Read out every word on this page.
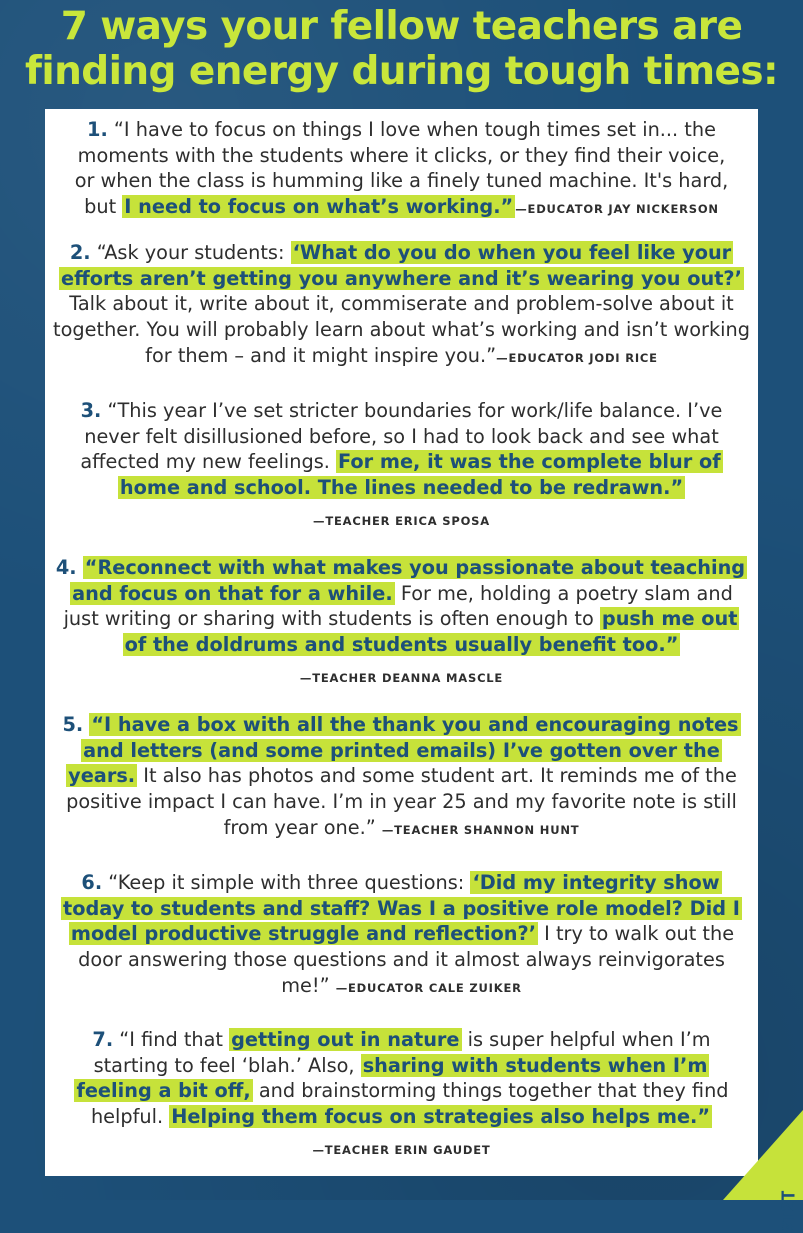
7 ways your fellow teachers are
finding energy during tough times:
1. “I have to focus on things I love when tough times set in... the moments with the students where it clicks, or they find their voice, or when the class is humming like a finely tuned machine. It's hard, but I need to focus on what’s working.” —EDUCATOR JAY NICKERSON
2. “Ask your students: ‘What do you do when you feel like your efforts aren’t getting you anywhere and it’s wearing you out?’ Talk about it, write about it, commiserate and problem-solve about it together. You will probably learn about what’s working and isn’t working for them – and it might inspire you.”—EDUCATOR JODI RICE
3. “This year I’ve set stricter boundaries for work/life balance. I’ve never felt disillusioned before, so I had to look back and see what affected my new feelings. For me, it was the complete blur of home and school. The lines needed to be redrawn.”
—TEACHER ERICA SPOSA
4. “Reconnect with what makes you passionate about teaching and focus on that for a while. For me, holding a poetry slam and just writing or sharing with students is often enough to push me out of the doldrums and students usually benefit too.”
—TEACHER DEANNA MASCLE
5. “I have a box with all the thank you and encouraging notes and letters (and some printed emails) I’ve gotten over the years. It also has photos and some student art. It reminds me of the positive impact I can have. I’m in year 25 and my favorite note is still from year one.” —TEACHER SHANNON HUNT
6. “Keep it simple with three questions: ‘Did my integrity show today to students and staff? Was I a positive role model? Did I model productive struggle and reflection?’ I try to walk out the door answering those questions and it almost always reinvigorates me!” —EDUCATOR CALE ZUIKER
7. “I find that getting out in nature is super helpful when I’m starting to feel ‘blah.’ Also, sharing with students when I’m feeling a bit off, and brainstorming things together that they find helpful. Helping them focus on strategies also helps me.”
—TEACHER ERIN GAUDET
#T2T
